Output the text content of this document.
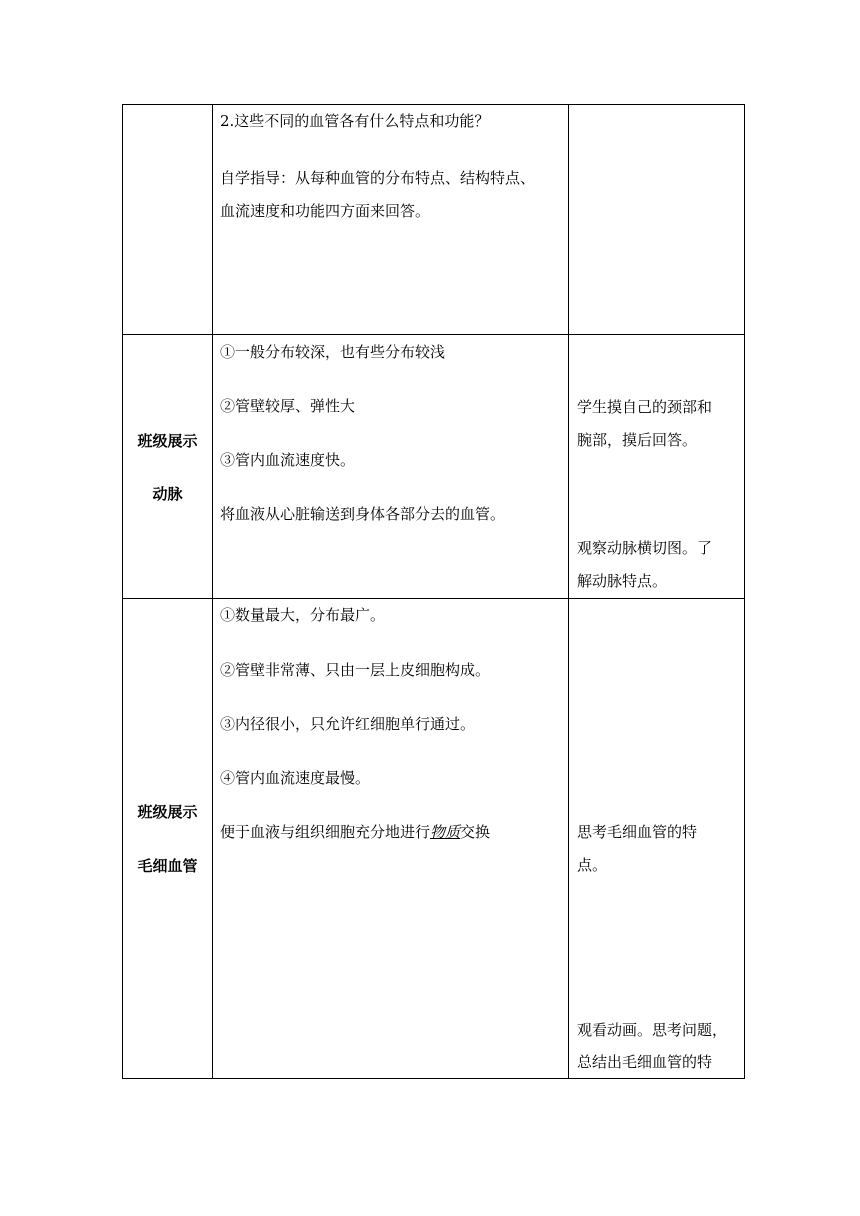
2.这些不同的血管各有什么特点和功能？
自学指导：从每种血管的分布特点、结构特点、
血流速度和功能四方面来回答。
班级展示
动脉
①一般分布较深，也有些分布较浅
②管壁较厚、弹性大
③管内血流速度快。
将血液从心脏输送到身体各部分去的血管。
学生摸自己的颈部和
腕部，摸后回答。
观察动脉横切图。了
解动脉特点。
班级展示
毛细血管
①数量最大，分布最广。
②管壁非常薄、只由一层上皮细胞构成。
③内径很小，只允许红细胞单行通过。
④管内血流速度最慢。
便于血液与组织细胞充分地进行物质交换	思考毛细血管的特
点。
观看动画。思考问题，
总结出毛细血管的特
